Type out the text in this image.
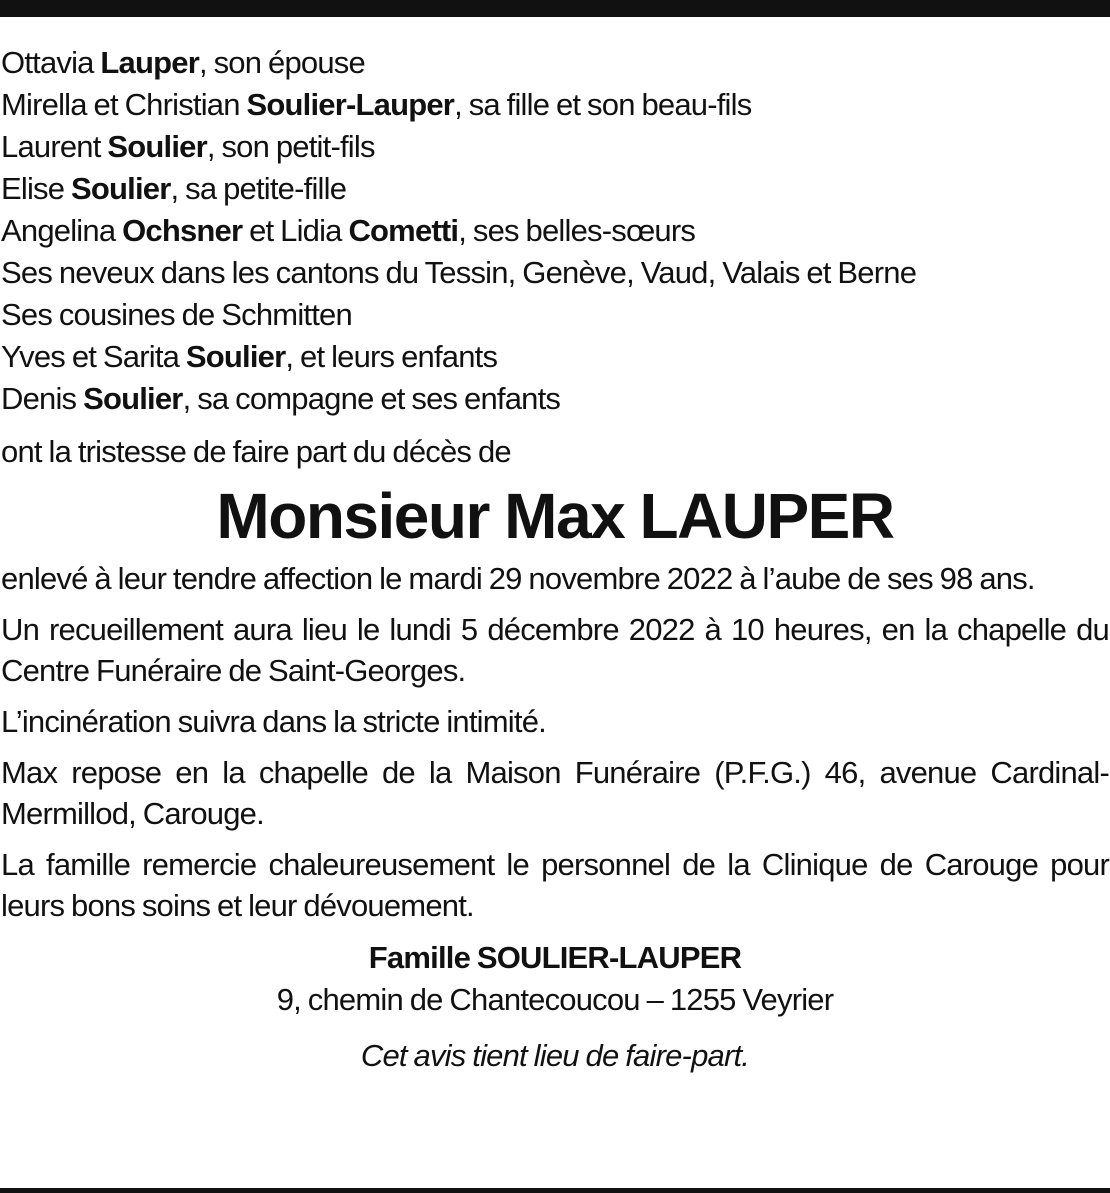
Ottavia Lauper, son épouse
Mirella et Christian Soulier-Lauper, sa fille et son beau-fils
Laurent Soulier, son petit-fils
Elise Soulier, sa petite-fille
Angelina Ochsner et Lidia Cometti, ses belles-sœurs
Ses neveux dans les cantons du Tessin, Genève, Vaud, Valais et Berne
Ses cousines de Schmitten
Yves et Sarita Soulier, et leurs enfants
Denis Soulier, sa compagne et ses enfants
ont la tristesse de faire part du décès de
Monsieur Max LAUPER
enlevé à leur tendre affection le mardi 29 novembre 2022 à l’aube de ses 98 ans.
Un recueillement aura lieu le lundi 5 décembre 2022 à 10 heures, en la chapelle du Centre Funéraire de Saint-Georges.
L’incinération suivra dans la stricte intimité.
Max repose en la chapelle de la Maison Funéraire (P.F.G.) 46, avenue Cardinal-Mermillod, Carouge.
La famille remercie chaleureusement le personnel de la Clinique de Carouge pour leurs bons soins et leur dévouement.
Famille SOULIER-LAUPER
9, chemin de Chantecoucou – 1255 Veyrier
Cet avis tient lieu de faire-part.
